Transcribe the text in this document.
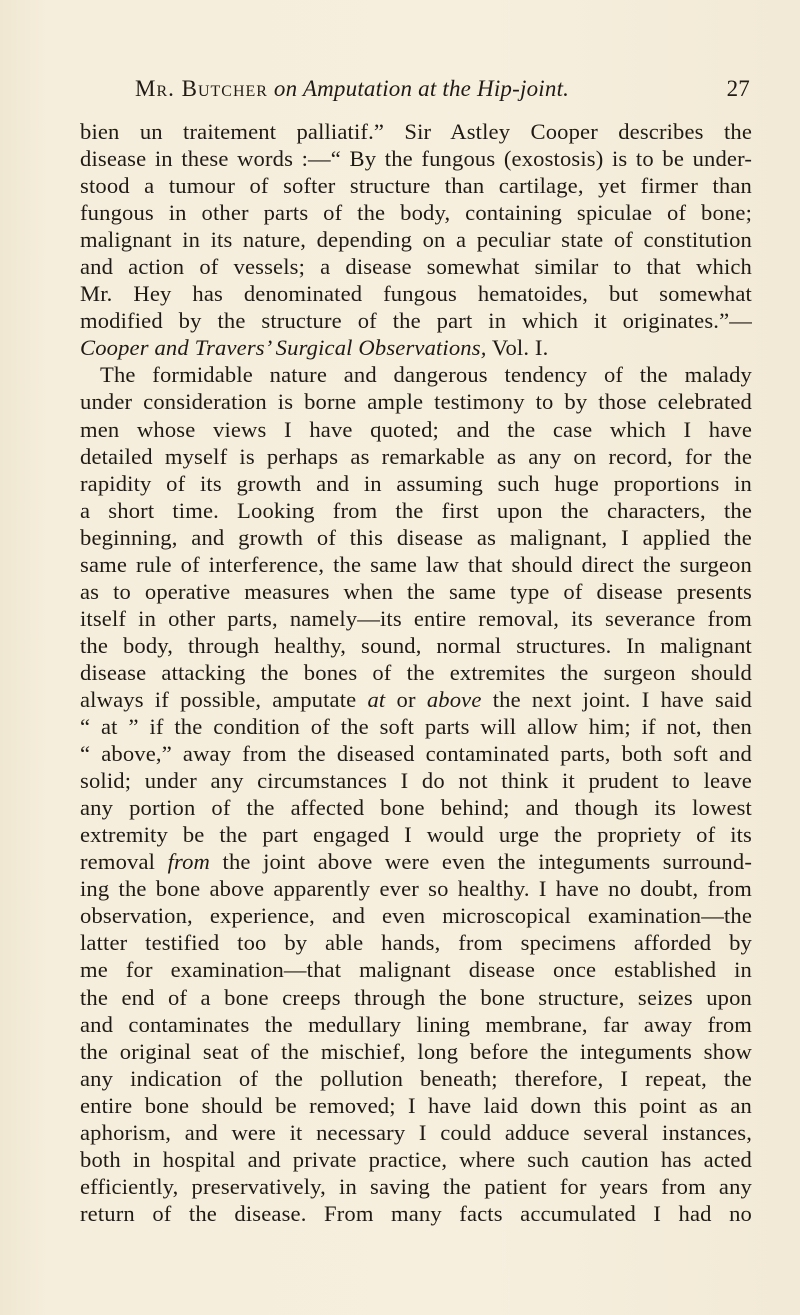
Mr. Butcher on Amputation at the Hip-joint.	27
bien un traitement palliatif.” Sir Astley Cooper describes the
disease in these words :—“ By the fungous (exostosis) is to be under-
stood a tumour of softer structure than cartilage, yet firmer than
fungous in other parts of the body, containing spiculae of bone;
malignant in its nature, depending on a peculiar state of constitution
and action of vessels; a disease somewhat similar to that which
Mr. Hey has denominated fungous hematoides, but somewhat
modified by the structure of the part in which it originates.”—
Cooper and Travers’ Surgical Observations, Vol. I.
The formidable nature and dangerous tendency of the malady
under consideration is borne ample testimony to by those celebrated
men whose views I have quoted; and the case which I have
detailed myself is perhaps as remarkable as any on record, for the
rapidity of its growth and in assuming such huge proportions in
a short time. Looking from the first upon the characters, the
beginning, and growth of this disease as malignant, I applied the
same rule of interference, the same law that should direct the surgeon
as to operative measures when the same type of disease presents
itself in other parts, namely—its entire removal, its severance from
the body, through healthy, sound, normal structures. In malignant
disease attacking the bones of the extremites the surgeon should
always if possible, amputate at or above the next joint. I have said
“ at ” if the condition of the soft parts will allow him; if not, then
“ above,” away from the diseased contaminated parts, both soft and
solid; under any circumstances I do not think it prudent to leave
any portion of the affected bone behind; and though its lowest
extremity be the part engaged I would urge the propriety of its
removal from the joint above were even the integuments surround-
ing the bone above apparently ever so healthy. I have no doubt, from
observation, experience, and even microscopical examination—the
latter testified too by able hands, from specimens afforded by
me for examination—that malignant disease once established in
the end of a bone creeps through the bone structure, seizes upon
and contaminates the medullary lining membrane, far away from
the original seat of the mischief, long before the integuments show
any indication of the pollution beneath; therefore, I repeat, the
entire bone should be removed; I have laid down this point as an
aphorism, and were it necessary I could adduce several instances,
both in hospital and private practice, where such caution has acted
efficiently, preservatively, in saving the patient for years from any
return of the disease. From many facts accumulated I had no
